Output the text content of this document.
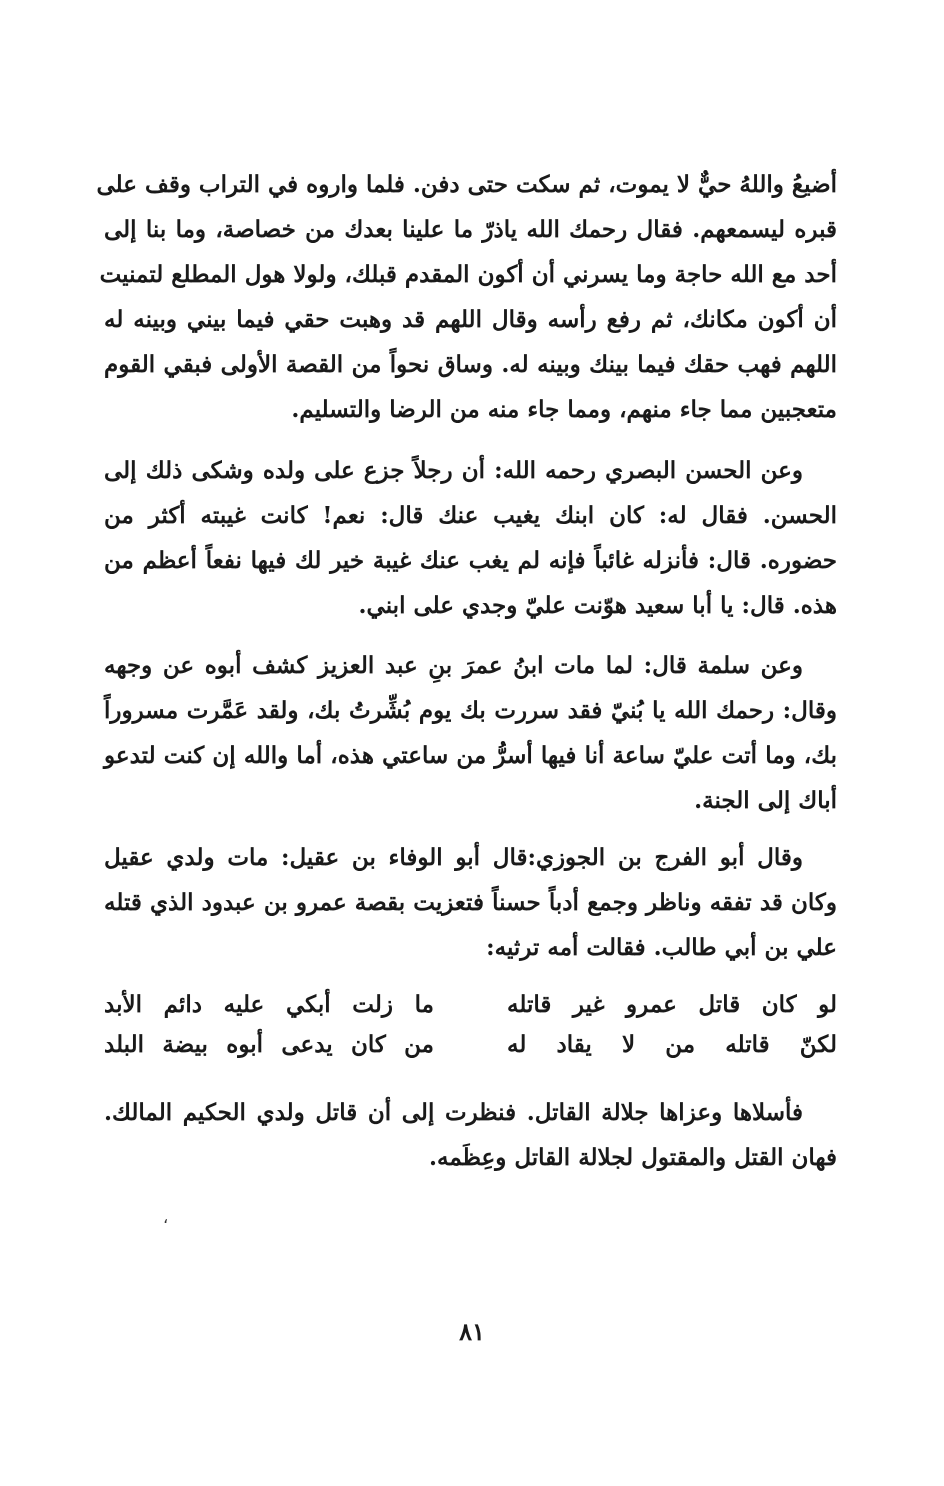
أضيعُ واللهُ حيٌّ لا يموت، ثم سكت حتى دفن. فلما واروه في التراب وقف على
قبره ليسمعهم. فقال رحمك الله ياذرّ ما علينا بعدك من خصاصة، وما بنا إلى
أحد مع الله حاجة وما يسرني أن أكون المقدم قبلك، ولولا هول المطلع لتمنيت
أن أكون مكانك، ثم رفع رأسه وقال اللهم قد وهبت حقي فيما بيني وبينه له
اللهم فهب حقك فيما بينك وبينه له. وساق نحواً من القصة الأولى فبقي القوم
متعجبين مما جاء منهم، ومما جاء منه من الرضا والتسليم.
وعن الحسن البصري رحمه الله: أن رجلاً جزع على ولده وشكى ذلك إلى
الحسن. فقال له: كان ابنك يغيب عنك قال: نعم! كانت غيبته أكثر من
حضوره. قال: فأنزله غائباً فإنه لم يغب عنك غيبة خير لك فيها نفعاً أعظم من
هذه. قال: يا أبا سعيد هوّنت عليّ وجدي على ابني.
وعن سلمة قال: لما مات ابنُ عمرَ بنِ عبد العزيز كشف أبوه عن وجهه
وقال: رحمك الله يا بُنيّ فقد سررت بك يوم بُشِّرتُ بك، ولقد عَمَّرت مسروراً
بك، وما أتت عليّ ساعة أنا فيها أسرُّ من ساعتي هذه، أما والله إن كنت لتدعو
أباك إلى الجنة.
وقال أبو الفرج بن الجوزي:قال أبو الوفاء بن عقيل: مات ولدي عقيل
وكان قد تفقه وناظر وجمع أدباً حسناً فتعزيت بقصة عمرو بن عبدود الذي قتله
علي بن أبي طالب. فقالت أمه ترثيه:
لو كان قاتل عمرو غير قاتله
ما زلت أبكي عليه دائم الأبد
لكنّ قاتله من لا يقاد له
من كان يدعى أبوه بيضة البلد
فأسلاها وعزاها جلالة القاتل. فنظرت إلى أن قاتل ولدي الحكيم المالك.
فهان القتل والمقتول لجلالة القاتل وعِظَمه.
،
٨١
